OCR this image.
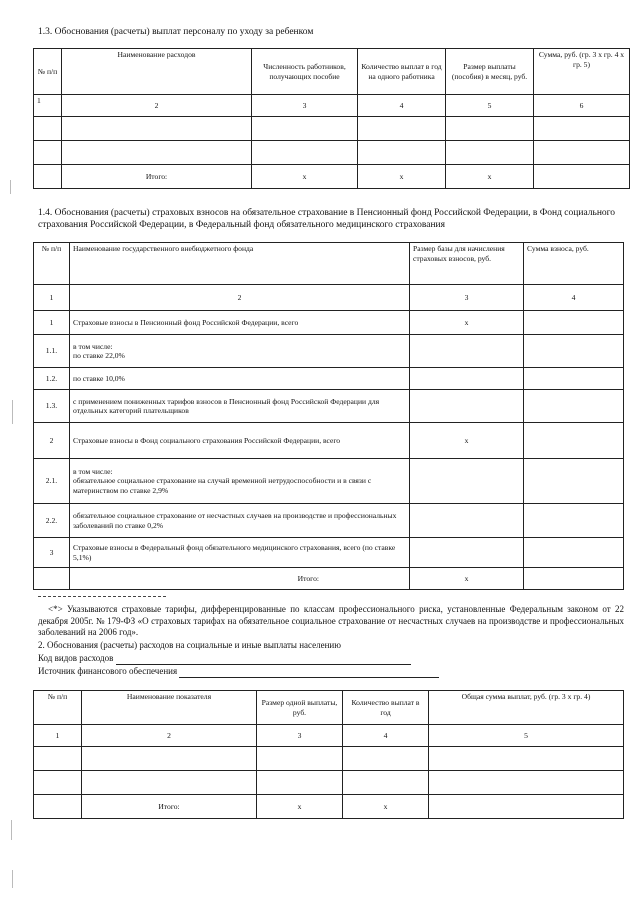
1.3. Обоснования (расчеты) выплат персоналу по уходу за ребенком
№ п/п	Наименование расходов	Численность работников, получающих пособие	Количество выплат в год на одного работника	Размер выплаты (пособия) в месяц, руб.	Сумма, руб. (гр. 3 x гр. 4 x гр. 5)
1	2	3	4	5	6

	Итого:	x	x	x	
1.4. Обоснования (расчеты) страховых взносов на обязательное страхование в Пенсионный фонд Российской Федерации, в Фонд социального страхования Российской Федерации, в Федеральный фонд обязательного медицинского страхования
№ п/п	Наименование государственного внебюджетного фонда	Размер базы для начисления страховых взносов, руб.	Сумма взноса, руб.
1	2	3	4
1	Страховые взносы в Пенсионный фонд Российской Федерации, всего	x	
1.1.	в том числе:
по ставке 22,0%		
1.2.	по ставке 10,0%		
1.3.	с применением пониженных тарифов взносов в Пенсионный фонд Российской Федерации для отдельных категорий плательщиков		
2	Страховые взносы в Фонд социального страхования Российской Федерации, всего	x	
2.1.	в том числе:
обязательное социальное страхование на случай временной нетрудоспособности и в связи с материнством по ставке 2,9%		
2.2.	обязательное социальное страхование от несчастных случаев на производстве и профессиональных заболеваний по ставке 0,2%		
3	Страховые взносы в Федеральный фонд обязательного медицинского страхования, всего (по ставке 5,1%)		
	Итого:	x	
<*> Указываются страховые тарифы, дифференцированные по классам профессионального риска, установленные Федеральным законом от 22 декабря 2005г. № 179-ФЗ «О страховых тарифах на обязательное социальное страхование от несчастных случаев на производстве и профессиональных заболеваний на 2006 год».
2. Обоснования (расчеты) расходов на социальные и иные выплаты населению
Код видов расходов
Источник финансового обеспечения
№ п/п	Наименование показателя	Размер одной выплаты, руб.	Количество выплат в год	Общая сумма выплат, руб. (гр. 3 х гр. 4)
1	2	3	4	5

	Итого:	x	x	
